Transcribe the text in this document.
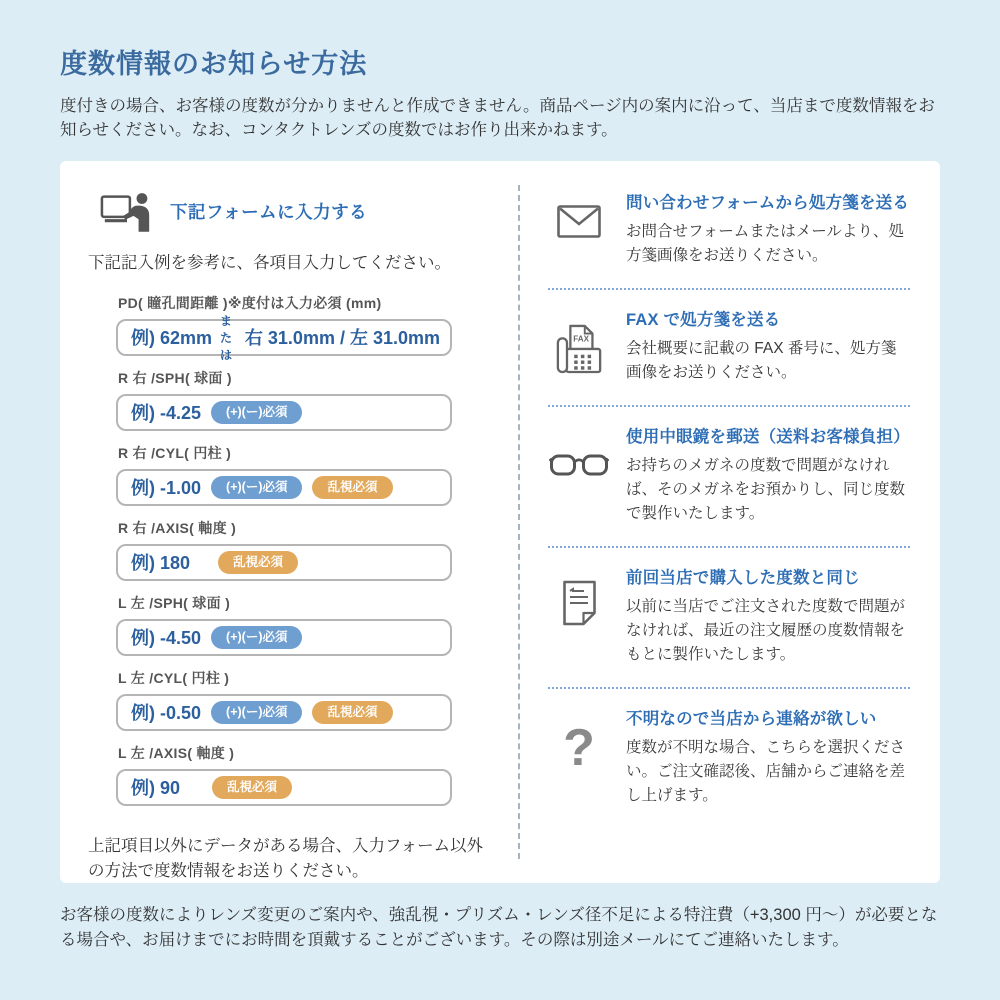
度数情報のお知らせ方法

度付きの場合、お客様の度数が分かりませんと作成できません。商品ページ内の案内に沿って、当店まで度数情報をお知らせください。なお、コンタクトレンズの度数ではお作り出来かねます。

下記フォームに入力する

下記記入例を参考に、各項目入力してください。

PD( 瞳孔間距離 )※度付は入力必須 (mm)
例) 62mm
または
右 31.0mm / 左 31.0mm
R 右 /SPH( 球面 )
例) -4.25	(+)(ー)必須
R 右 /CYL( 円柱 )
例) -1.00	(+)(ー)必須	乱視必須
R 右 /AXIS( 軸度 )
例) 180	乱視必須
L 左 /SPH( 球面 )
例) -4.50	(+)(ー)必須
L 左 /CYL( 円柱 )
例) -0.50	(+)(ー)必須	乱視必須
L 左 /AXIS( 軸度 )
例) 90	乱視必須

上記項目以外にデータがある場合、入力フォーム以外の方法で度数情報をお送りください。

問い合わせフォームから処方箋を送る
お問合せフォームまたはメールより、処方箋画像をお送りください。
FAX
FAX で処方箋を送る
会社概要に記載の FAX 番号に、処方箋画像をお送りください。
使用中眼鏡を郵送（送料お客様負担）
お持ちのメガネの度数で問題がなければ、そのメガネをお預かりし、同じ度数で製作いたします。
前回当店で購入した度数と同じ
以前に当店でご注文された度数で問題がなければ、最近の注文履歴の度数情報をもとに製作いたします。
? 不明なので当店から連絡が欲しい
度数が不明な場合、こちらを選択ください。ご注文確認後、店舗からご連絡を差し上げます。

お客様の度数によりレンズ変更のご案内や、強乱視・プリズム・レンズ径不足による特注費（+3,300 円〜）が必要となる場合や、お届けまでにお時間を頂戴することがございます。その際は別途メールにてご連絡いたします。
